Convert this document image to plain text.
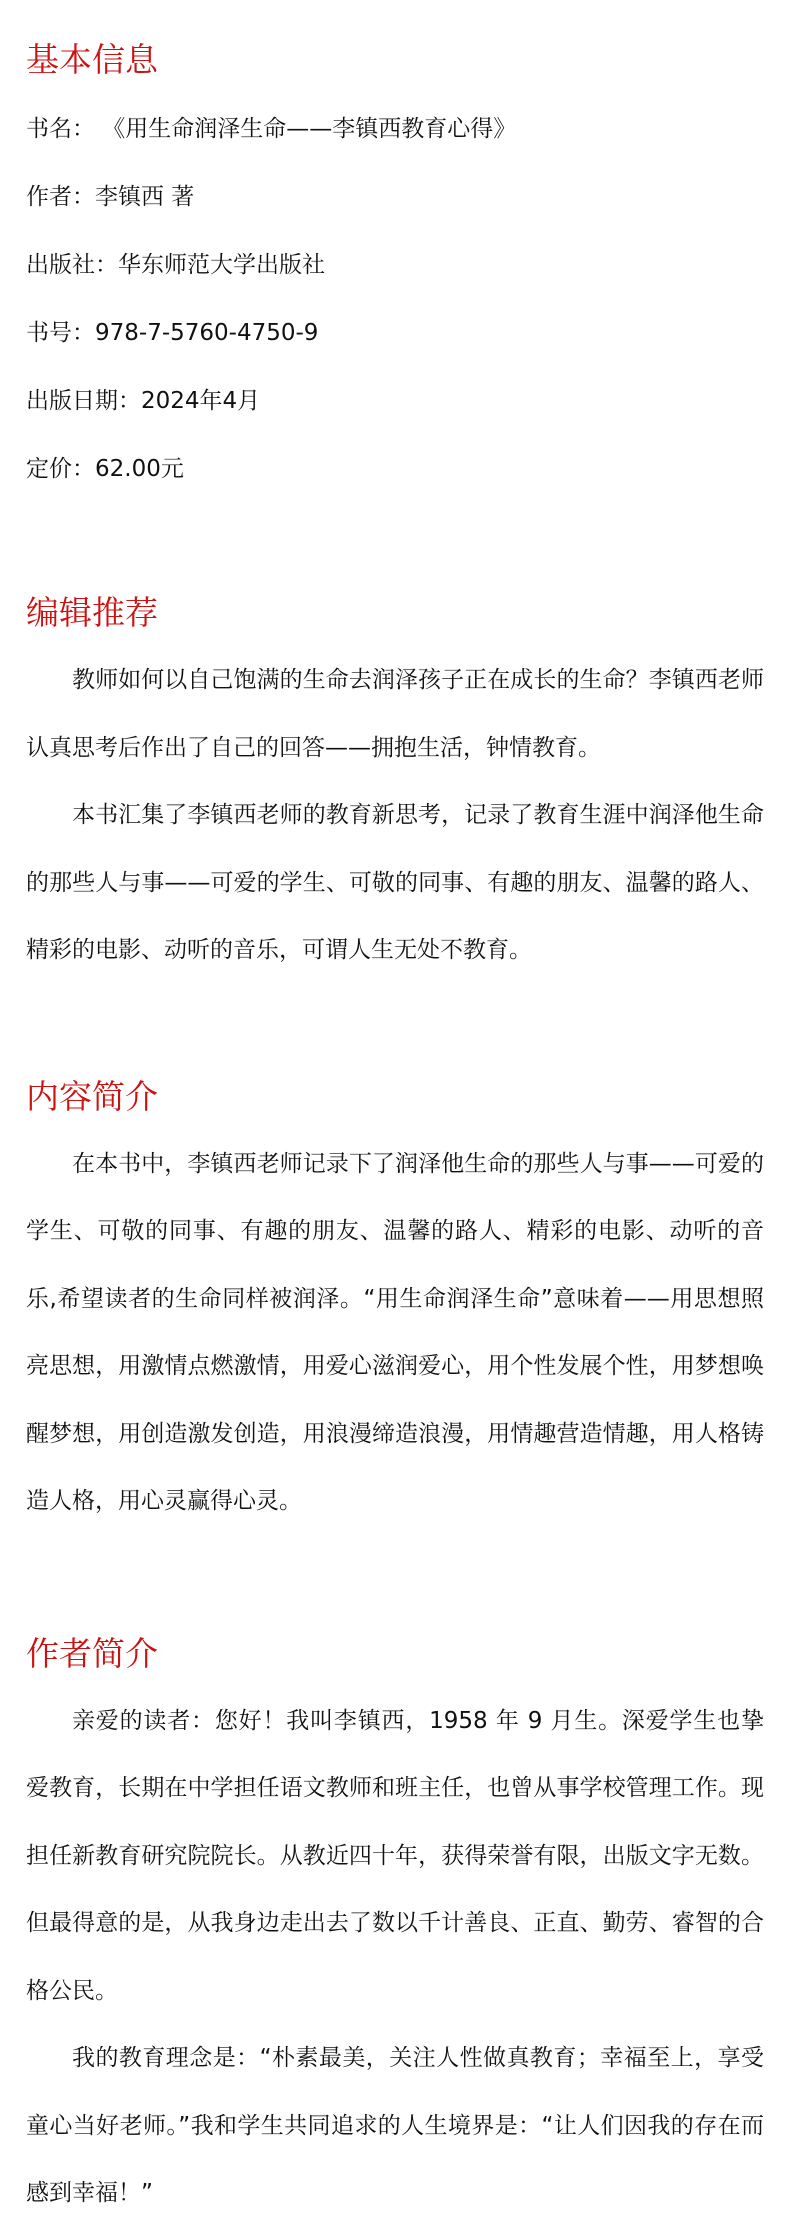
基本信息

书名： 《用生命润泽生命——李镇西教育心得》

作者：李镇西 著

出版社：华东师范大学出版社

书号：978-7-5760-4750-9

出版日期：2024年4月

定价：62.00元

编辑推荐

教师如何以自己饱满的生命去润泽孩子正在成长的生命？李镇西老师认真思考后作出了自己的回答——拥抱生活，钟情教育。

本书汇集了李镇西老师的教育新思考，记录了教育生涯中润泽他生命的那些人与事——可爱的学生、可敬的同事、有趣的朋友、温馨的路人、精彩的电影、动听的音乐，可谓人生无处不教育。

内容简介

在本书中，李镇西老师记录下了润泽他生命的那些人与事——可爱的学生、可敬的同事、有趣的朋友、温馨的路人、精彩的电影、动听的音乐,希望读者的生命同样被润泽。“用生命润泽生命”意味着——用思想照亮思想，用激情点燃激情，用爱心滋润爱心，用个性发展个性，用梦想唤醒梦想，用创造激发创造，用浪漫缔造浪漫，用情趣营造情趣，用人格铸造人格，用心灵赢得心灵。

作者简介

亲爱的读者：您好！我叫李镇西，1958 年 9 月生。深爱学生也挚爱教育，长期在中学担任语文教师和班主任，也曾从事学校管理工作。现担任新教育研究院院长。从教近四十年，获得荣誉有限，出版文字无数。但最得意的是，从我身边走出去了数以千计善良、正直、勤劳、睿智的合格公民。

我的教育理念是：“朴素最美，关注人性做真教育；幸福至上，享受童心当好老师。”我和学生共同追求的人生境界是：“让人们因我的存在而感到幸福！”
